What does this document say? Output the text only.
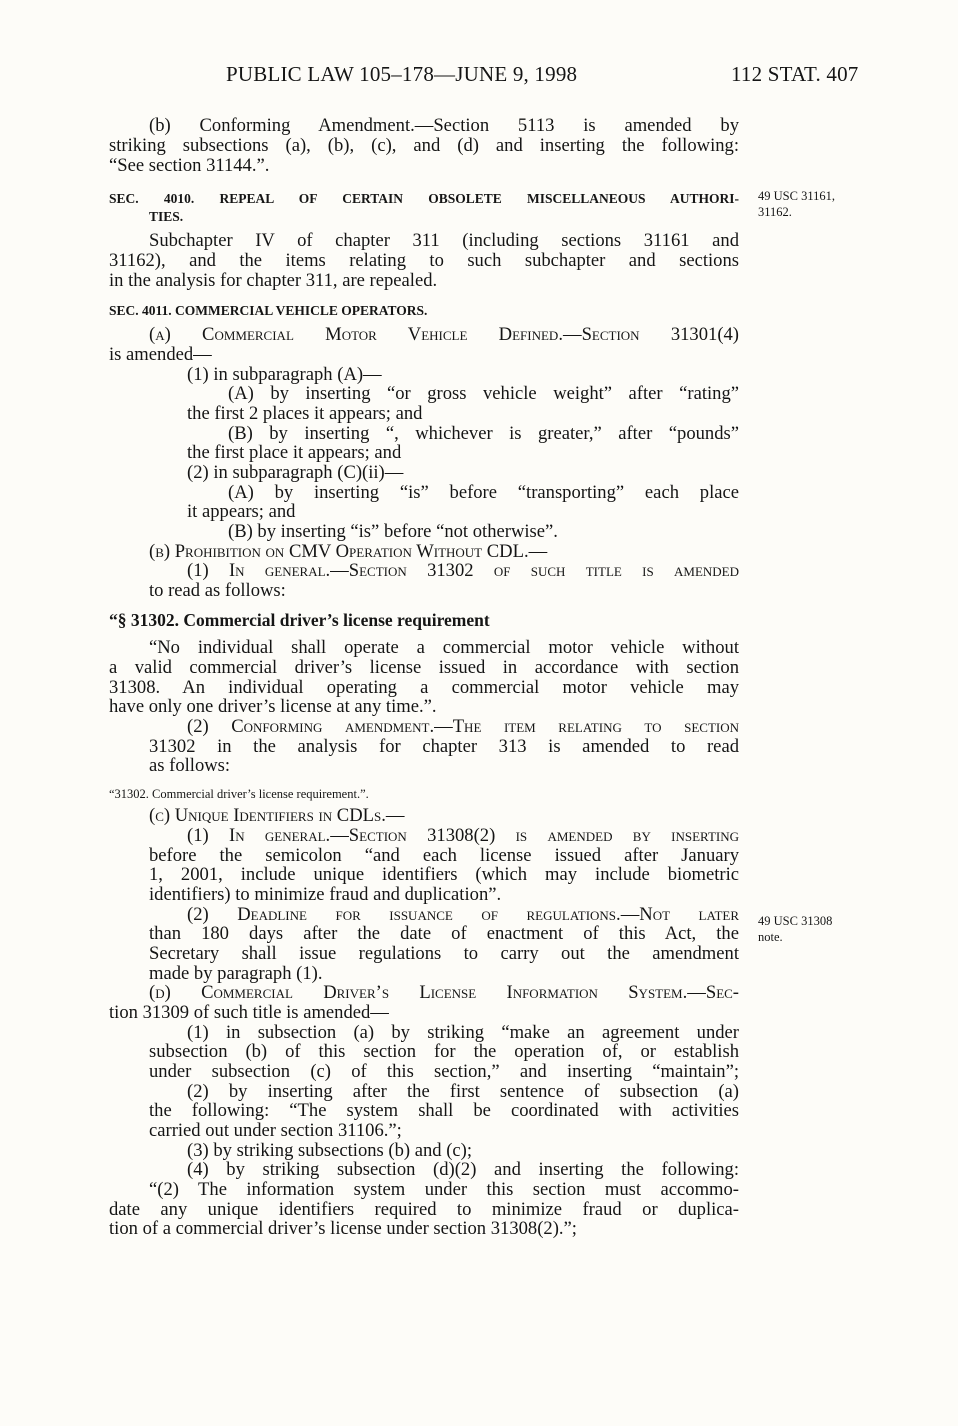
PUBLIC LAW 105–178—JUNE 9, 1998	112 STAT. 407
49 USC 31161,
31162.
49 USC 31308
note.
(b) Conforming Amendment.—Section 5113 is amended by
striking subsections (a), (b), (c), and (d) and inserting the following:
“See section 31144.”.
SEC. 4010. REPEAL OF CERTAIN OBSOLETE MISCELLANEOUS AUTHORI-
TIES.
Subchapter IV of chapter 311 (including sections 31161 and
31162), and the items relating to such subchapter and sections
in the analysis for chapter 311, are repealed.
SEC. 4011. COMMERCIAL VEHICLE OPERATORS.
(a) Commercial Motor Vehicle Defined.—Section 31301(4)
is amended—
(1) in subparagraph (A)—
(A) by inserting “or gross vehicle weight” after “rating”
the first 2 places it appears; and
(B) by inserting “, whichever is greater,” after “pounds”
the first place it appears; and
(2) in subparagraph (C)(ii)—
(A) by inserting “is” before “transporting” each place
it appears; and
(B) by inserting “is” before “not otherwise”.
(b) Prohibition on CMV Operation Without CDL.—
(1) In general.—Section 31302 of such title is amended
to read as follows:
“§ 31302. Commercial driver’s license requirement
“No individual shall operate a commercial motor vehicle without
a valid commercial driver’s license issued in accordance with section
31308. An individual operating a commercial motor vehicle may
have only one driver’s license at any time.”.
(2) Conforming amendment.—The item relating to section
31302 in the analysis for chapter 313 is amended to read
as follows:
“31302. Commercial driver’s license requirement.”.
(c) Unique Identifiers in CDLs.—
(1) In general.—Section 31308(2) is amended by inserting
before the semicolon “and each license issued after January
1, 2001, include unique identifiers (which may include biometric
identifiers) to minimize fraud and duplication”.
(2) Deadline for issuance of regulations.—Not later
than 180 days after the date of enactment of this Act, the
Secretary shall issue regulations to carry out the amendment
made by paragraph (1).
(d) Commercial Driver’s License Information System.—Sec-
tion 31309 of such title is amended—
(1) in subsection (a) by striking “make an agreement under
subsection (b) of this section for the operation of, or establish
under subsection (c) of this section,” and inserting “maintain”;
(2) by inserting after the first sentence of subsection (a)
the following: “The system shall be coordinated with activities
carried out under section 31106.”;
(3) by striking subsections (b) and (c);
(4) by striking subsection (d)(2) and inserting the following:
“(2) The information system under this section must accommo-
date any unique identifiers required to minimize fraud or duplica-
tion of a commercial driver’s license under section 31308(2).”;
